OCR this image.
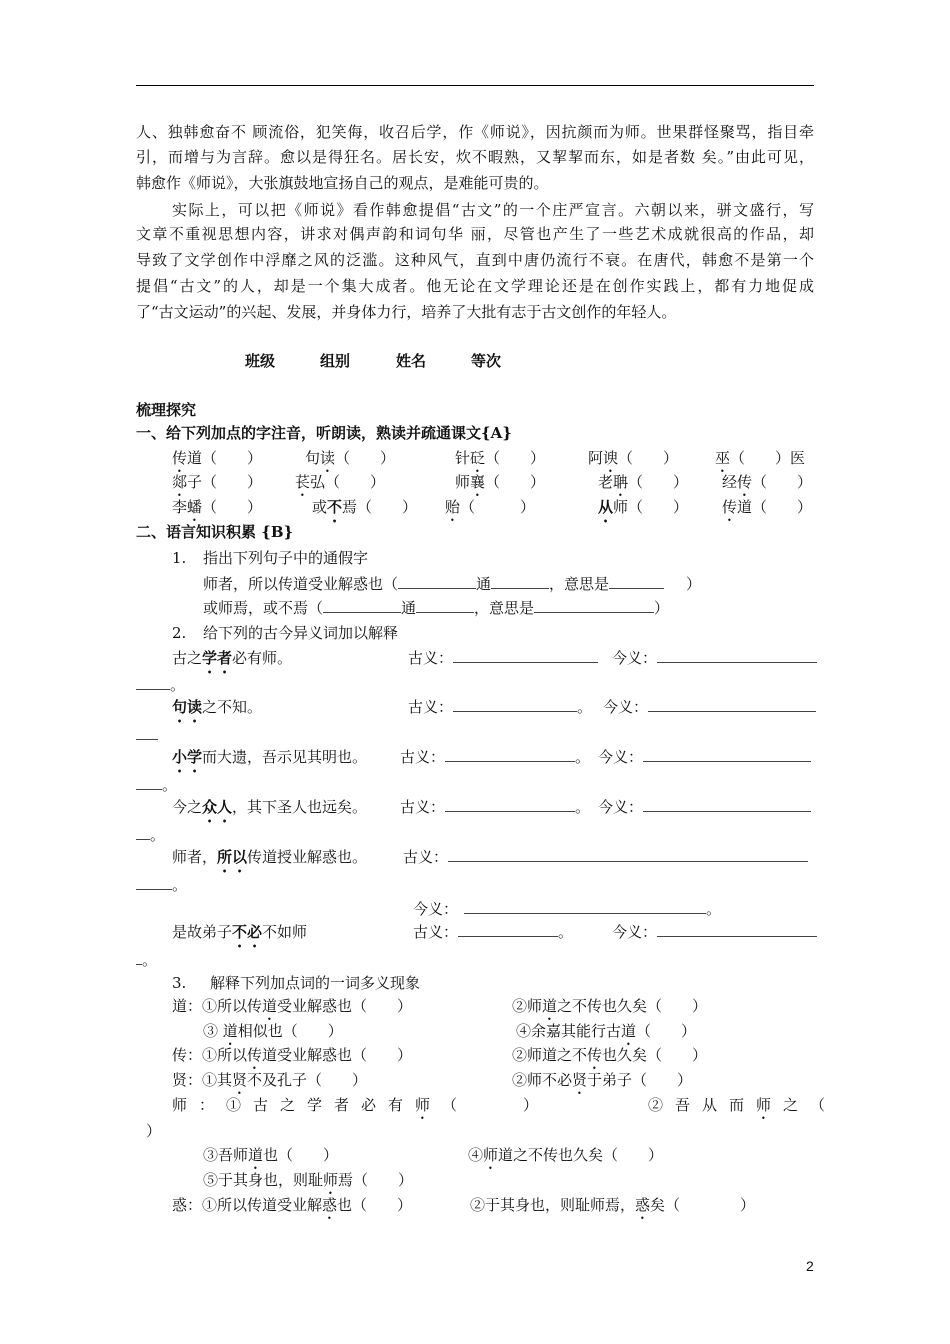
人、独韩愈奋不 顾流俗，犯笑侮，收召后学，作《师说》，因抗颜而为师。世果群怪聚骂，指目牵
引，而增与为言辞。愈以是得狂名。居长安，炊不暇熟，又挈挈而东，如是者数 矣。”由此可见，
韩愈作《师说》，大张旗鼓地宣扬自己的观点，是难能可贵的。
实际上，可以把《师说》看作韩愈提倡“古文”的一个庄严宣言。六朝以来，骈文盛行，写
文章不重视思想内容，讲求对偶声韵和词句华 丽，尽管也产生了一些艺术成就很高的作品，却
导致了文学创作中浮靡之风的泛滥。这种风气，直到中唐仍流行不衰。在唐代，韩愈不是第一个
提倡“古文”的人，却是一个集大成者。他无论在文学理论还是在创作实践上，都有力地促成
了“古文运动”的兴起、发展，并身体力行，培养了大批有志于古文创作的年轻人。
班级	组别	姓名	等次
梳理探究
一、给下列加点的字注音，听朗读，熟读并疏通课文{A}
传道（　　）	句读（　　）	针砭（　　）	阿谀（　　） 巫（　　）医
郯子（　　） 苌弘（　　）	师襄（　　）	老聃（　　） 经传（　　）
李蟠（　　）	或不焉（　　） 贻（　　　）	从师（　　） 传道（　　）
二、语言知识积累 {B}
1. 指出下列句子中的通假字
师者，所以传道受业解惑也（	通	，意思是	）
或师焉，或不焉（	通	，意思是	）
2. 给下列的古今异义词加以解释
古之学者必有师。	古义：	今义：
。
句读之不知。	古义：	。 今义：
小学而大遗，吾示见其明也。 古义：	。 今义：
。
今之众人，其下圣人也远矣。 古义：	。 今义：
。
师者，所以传道授业解惑也。 古义：
今义：	。
。
是故弟子不必不如师	古义：	。	今义：
。
3. 解释下列加点词的一词多义现象
道：①所以传道受业解惑也（　　）	②师道之不传也久矣（　　）
③ 道相似也（　　）	④余嘉其能行古道（　　）
传：①所以传道受业解惑也（　　）	②师道之不传也久矣（　　）
贤：①其贤不及孔子（　　）	②师不必贤于弟子（　　）
师：①古之学者必有师（　　）	②吾从而师之（
）
③吾师道也（　　）	④师道之不传也久矣（　　）
⑤于其身也，则耻师焉（　　）
惑：①所以传道受业解惑也（　　）	②于其身也，则耻师焉，惑矣（　　　　）
2
